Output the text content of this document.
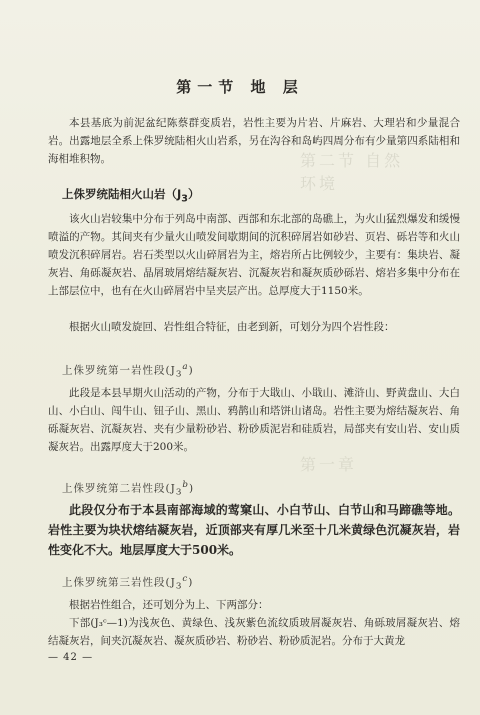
第二节 自然环境
第一章
第一节 地 层

本县基底为前泥盆纪陈蔡群变质岩，岩性主要为片岩、片麻岩、大理岩和少量混合岩。出露地层全系上侏罗统陆相火山岩系，另在沟谷和岛屿四周分布有少量第四系陆相和海相堆积物。

上侏罗统陆相火山岩$(J_3)$

该火山岩较集中分布于列岛中南部、西部和东北部的岛礁上，为火山猛烈爆发和缓慢喷溢的产物。其间夹有少量火山喷发间歇期间的沉积碎屑岩如砂岩、页岩、砾岩等和火山喷发沉积碎屑岩。岩石类型以火山碎屑岩为主，熔岩所占比例较少，主要有：集块岩、凝灰岩、角砾凝灰岩、晶屑玻屑熔结凝灰岩、沉凝灰岩和凝灰质砂砾岩、熔岩多集中分布在上部层位中，也有在火山碎屑岩中呈夹层产出。总厚度大于1150米。

根据火山喷发旋回、岩性组合特征，由老到新，可划分为四个岩性段：

上侏罗统第一岩性段$(J_3^a)$

此段是本县早期火山活动的产物，分布于大戢山、小戢山、滩浒山、野黄盘山、大白山、小白山、闯牛山、钮子山、黑山、鸦鹊山和塔饼山诸岛。岩性主要为熔结凝灰岩、角砾凝灰岩、沉凝灰岩、夹有少量粉砂岩、粉砂质泥岩和硅质岩，局部夹有安山岩、安山质凝灰岩。出露厚度大于200米。

上侏罗统第二岩性段$(J_3^b)$

此段仅分布于本县南部海域的莺窠山、小白节山、白节山和马蹄礁等地。岩性主要为块状熔结凝灰岩，近顶部夹有厚几米至十几米黄绿色沉凝灰岩，岩性变化不大。地层厚度大于500米。

上侏罗统第三岩性段$(J_3^c)$

根据岩性组合，还可划分为上、下两部分：

下部(J₃ᶜ—1)为浅灰色、黄绿色、浅灰紫色流纹质玻屑凝灰岩、角砾玻屑凝灰岩、熔结凝灰岩，间夹沉凝灰岩、凝灰质砂岩、粉砂岩、粉砂质泥岩。分布于大黄龙

— 42 —
